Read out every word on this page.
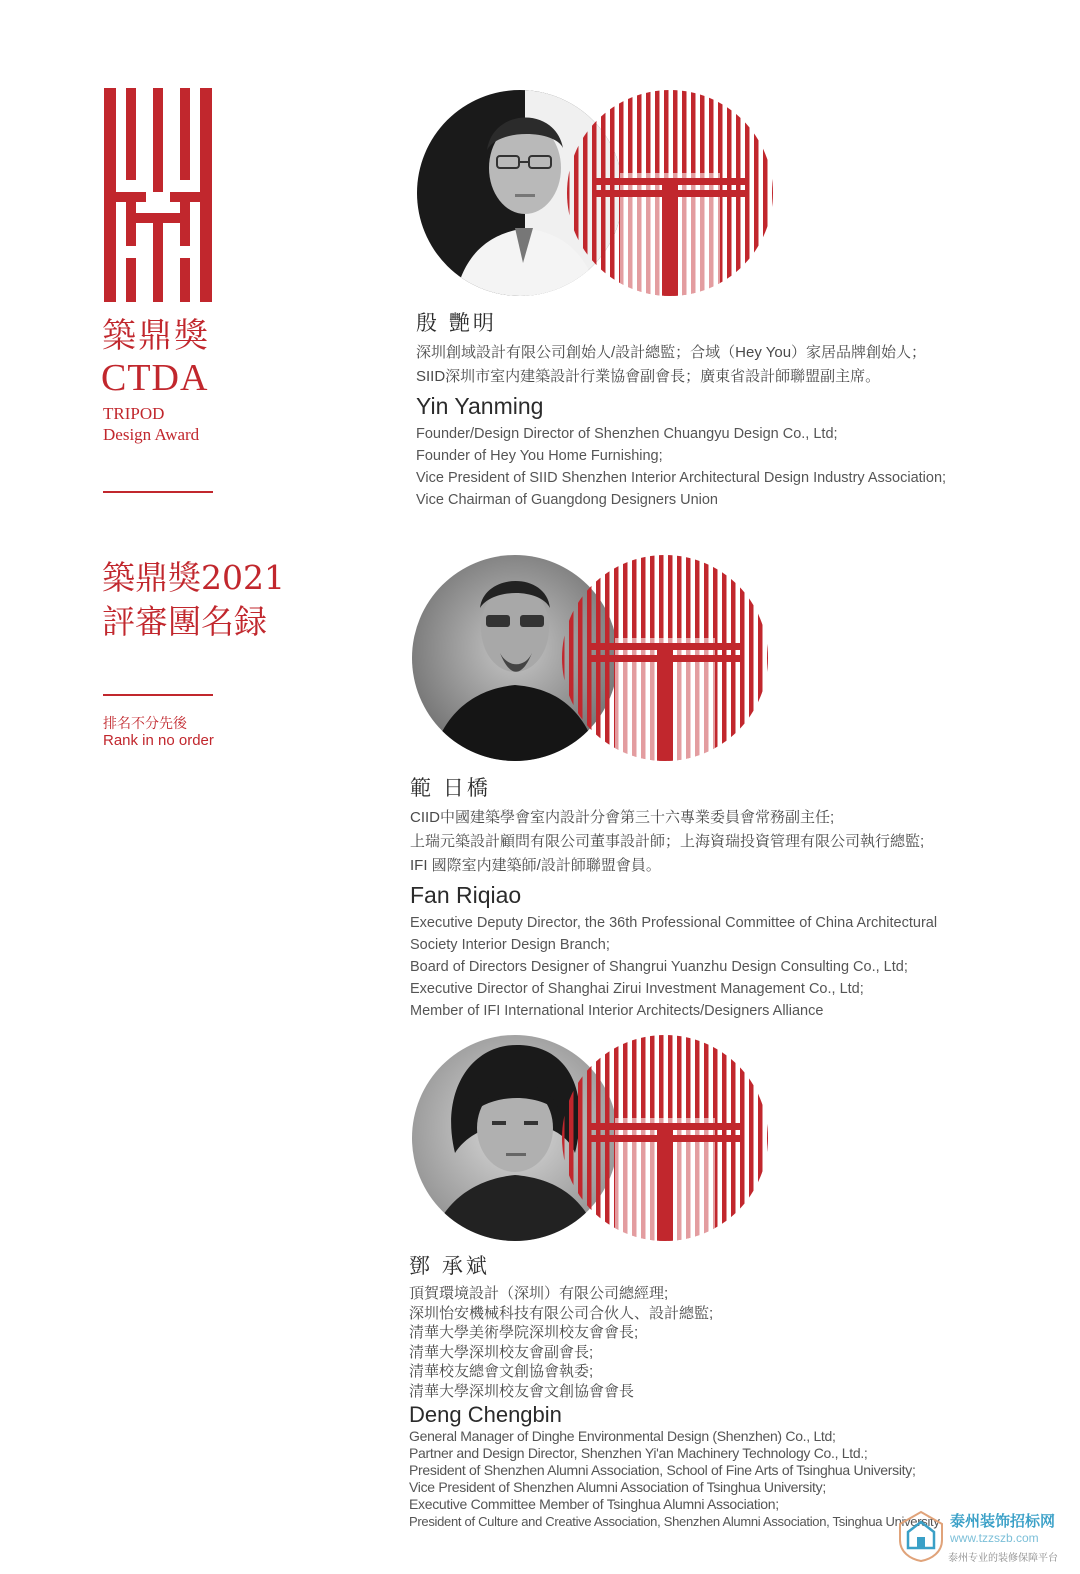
築鼎獎
CTDA
TRIPOD
Design Award
築鼎獎2021
評審團名録
排名不分先後
Rank in no order
殷 艷明
深圳創域設計有限公司創始人/設計總監；合域（Hey You）家居品牌創始人；
SIID深圳市室内建築設計行業協會副會長；廣東省設計師聯盟副主席。
Yin Yanming
Founder/Design Director of Shenzhen Chuangyu Design Co., Ltd;
Founder of Hey You Home Furnishing;
Vice President of SIID Shenzhen Interior Architectural Design Industry Association;
Vice Chairman of Guangdong Designers Union
範 日橋
CIID中國建築學會室内設計分會第三十六專業委員會常務副主任;
上瑞元築設計顧問有限公司董事設計師；上海資瑞投資管理有限公司執行總監;
IFI 國際室内建築師/設計師聯盟會員。
Fan Riqiao
Executive Deputy Director, the 36th Professional Committee of China Architectural
Society Interior Design Branch;
Board of Directors Designer of Shangrui Yuanzhu Design Consulting Co., Ltd;
Executive Director of Shanghai Zirui Investment Management Co., Ltd;
Member of IFI International Interior Architects/Designers Alliance
鄧 承斌
頂賀環境設計（深圳）有限公司總經理;
深圳怡安機械科技有限公司合伙人、設計總監;
清華大學美術學院深圳校友會會長;
清華大學深圳校友會副會長;
清華校友總會文創協會執委;
清華大學深圳校友會文創協會會長
Deng Chengbin
General Manager of Dinghe Environmental Design (Shenzhen) Co., Ltd;
Partner and Design Director, Shenzhen Yi'an Machinery Technology Co., Ltd.;
President of Shenzhen Alumni Association, School of Fine Arts of Tsinghua University;
Vice President of Shenzhen Alumni Association of Tsinghua University;
Executive Committee Member of Tsinghua Alumni Association;
President of Culture and Creative Association, Shenzhen Alumni Association, Tsinghua University 泰州装饰招标网
www.tzzszb.com
泰州专业的装修保障平台
